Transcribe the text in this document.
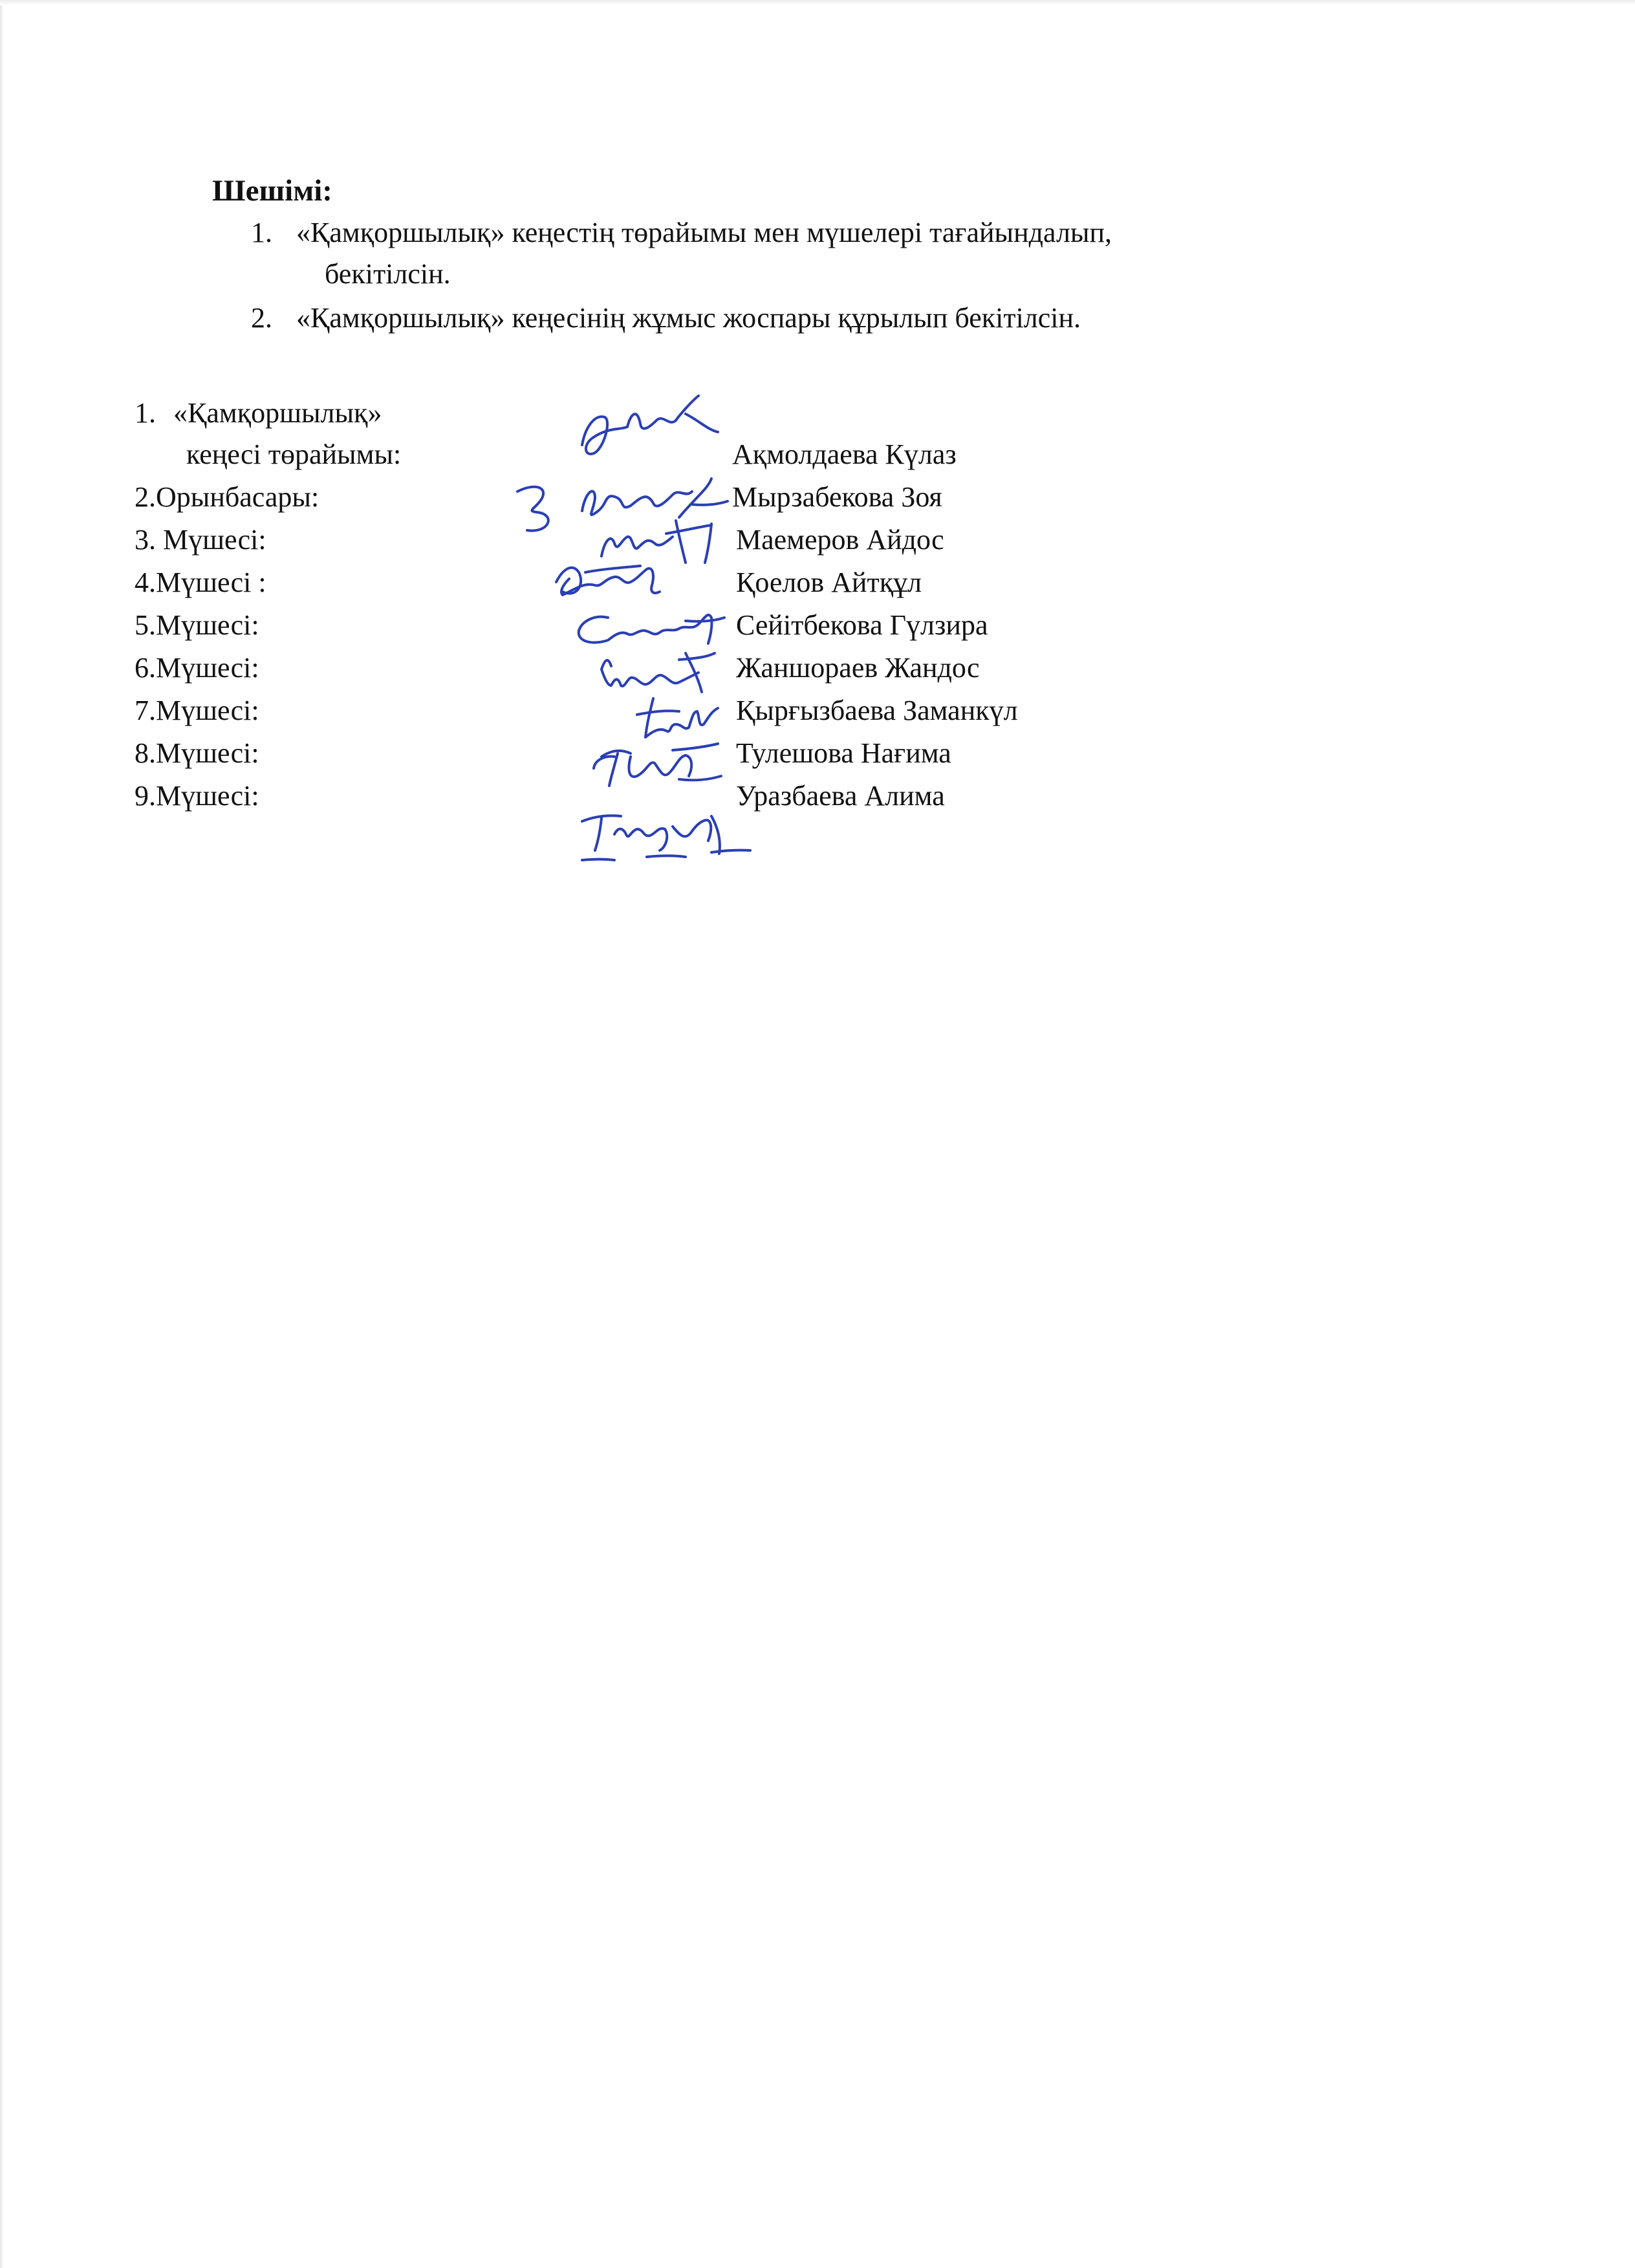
Шешімі:
1. «Қамқоршылық» кеңестің төрайымы мен мүшелері тағайындалып,
бекітілсін.
2. «Қамқоршылық» кеңесінің жұмыс жоспары құрылып бекітілсін.
1. «Қамқоршылық»
кеңесі төрайымы:	Ақмолдаева Күлаз
2.Орынбасары:	Мырзабекова Зоя
3. Мүшесі:	Маемеров Айдос
4.Мүшесі :	Қоелов Айтқұл
5.Мүшесі:	Сейітбекова Гүлзира
6.Мүшесі:	Жаншораев Жандос
7.Мүшесі:	Қырғызбаева Заманкүл
8.Мүшесі:	Тулешова Нағима
9.Мүшесі:	Уразбаева Алима
